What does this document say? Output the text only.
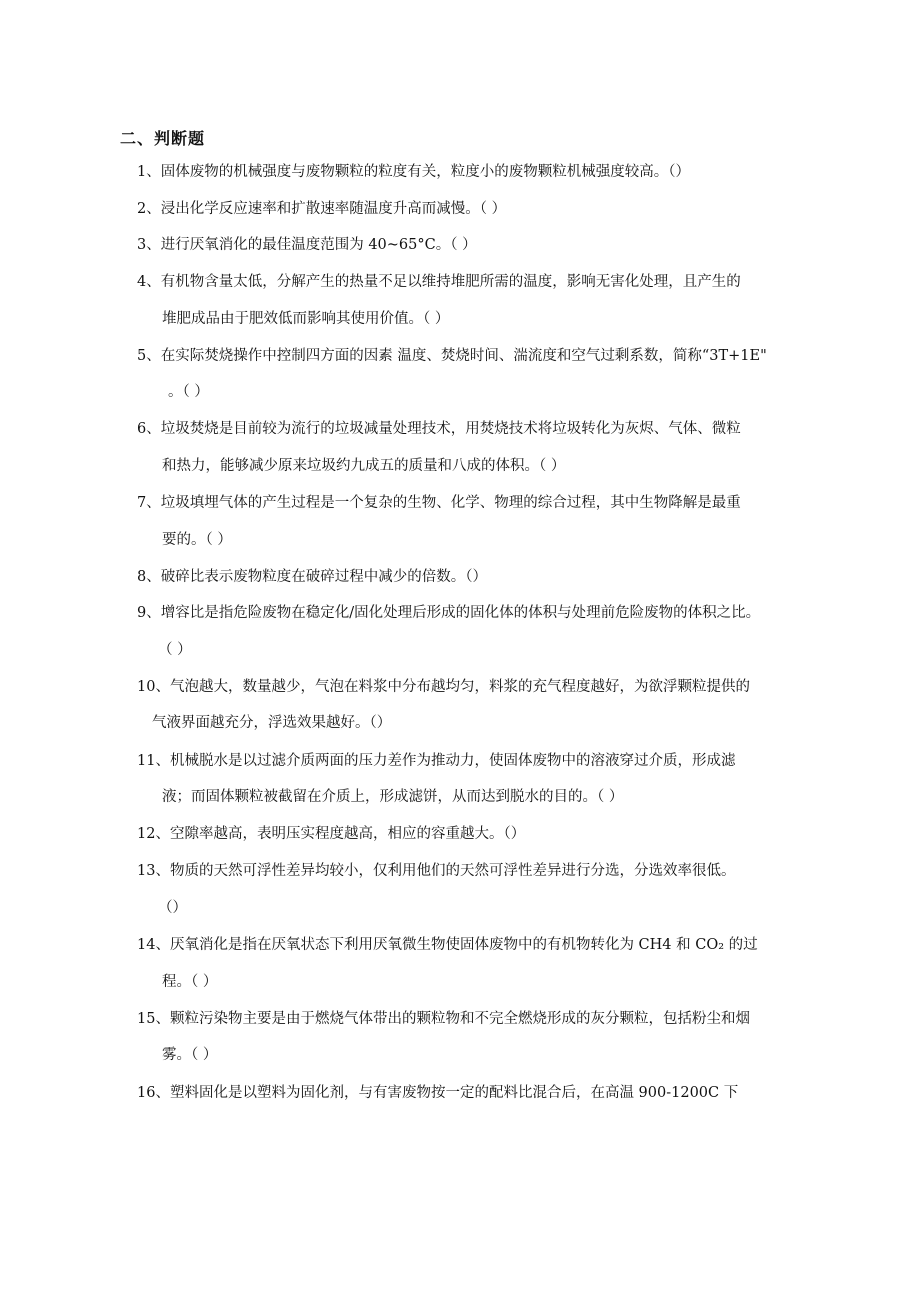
二、判断题
1、固体废物的机械强度与废物颗粒的粒度有关，粒度小的废物颗粒机械强度较高。（）
2、浸出化学反应速率和扩散速率随温度升高而减慢。（ ）
3、进行厌氧消化的最佳温度范围为 40~65°C。（ ）
4、有机物含量太低，分解产生的热量不足以维持堆肥所需的温度，影响无害化处理，且产生的
堆肥成品由于肥效低而影响其使用价值。（ ）
5、在实际焚烧操作中控制四方面的因素 温度、焚烧时间、湍流度和空气过剩系数，简称“3T+1E"
。（ ）
6、垃圾焚烧是目前较为流行的垃圾减量处理技术，用焚烧技术将垃圾转化为灰烬、气体、微粒
和热力，能够减少原来垃圾约九成五的质量和八成的体积。（ ）
7、垃圾填埋气体的产生过程是一个复杂的生物、化学、物理的综合过程，其中生物降解是最重
要的。（ ）
8、破碎比表示废物粒度在破碎过程中减少的倍数。（）
9、增容比是指危险废物在稳定化/固化处理后形成的固化体的体积与处理前危险废物的体积之比。
（ ）
10、气泡越大，数量越少，气泡在料浆中分布越均匀，料浆的充气程度越好，为欲浮颗粒提供的
气液界面越充分，浮选效果越好。（）
11、机械脱水是以过滤介质两面的压力差作为推动力，使固体废物中的溶液穿过介质，形成滤
液；而固体颗粒被截留在介质上，形成滤饼，从而达到脱水的目的。（ ）
12、空隙率越高，表明压实程度越高，相应的容重越大。（）
13、物质的天然可浮性差异均较小，仅利用他们的天然可浮性差异进行分选，分选效率很低。
（）
14、厌氧消化是指在厌氧状态下利用厌氧微生物使固体废物中的有机物转化为 CH4 和 CO₂ 的过
程。（ ）
15、颗粒污染物主要是由于燃烧气体带出的颗粒物和不完全燃烧形成的灰分颗粒，包括粉尘和烟
雾。（ ）
16、塑料固化是以塑料为固化剂，与有害废物按一定的配料比混合后，在高温 900-1200C 下
